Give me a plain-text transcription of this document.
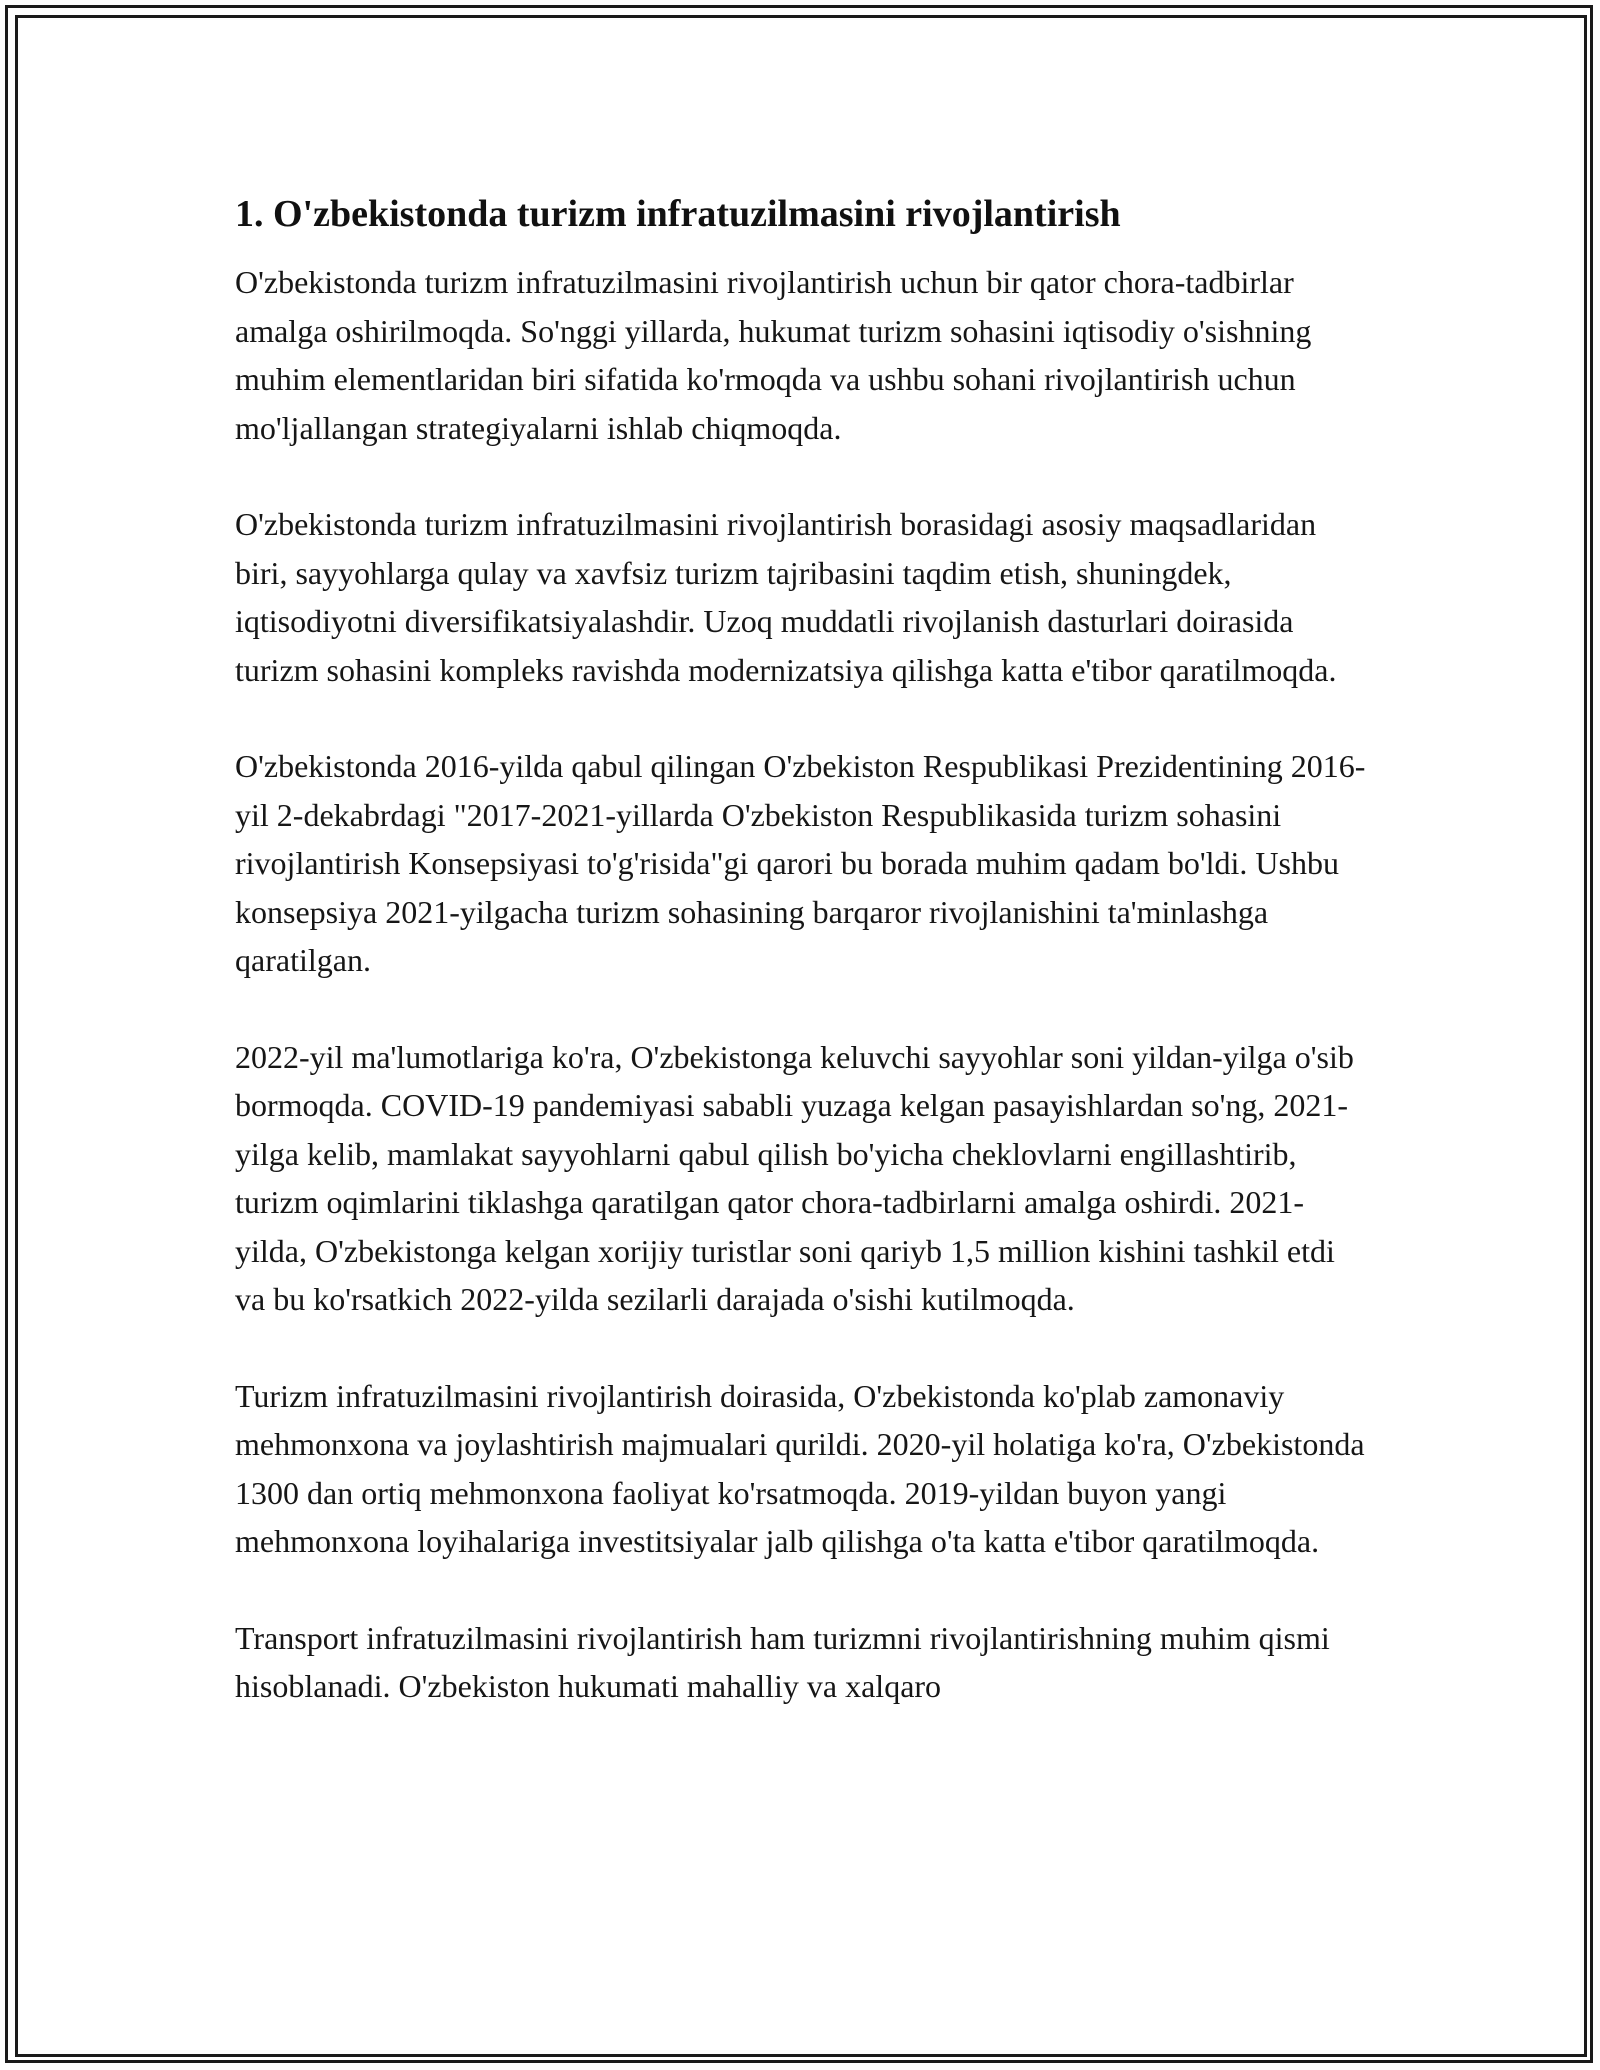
1. O'zbekistonda turizm infratuzilmasini rivojlantirish

O'zbekistonda turizm infratuzilmasini rivojlantirish uchun bir qator chora-tadbirlar amalga oshirilmoqda. So'nggi yillarda, hukumat turizm sohasini iqtisodiy o'sishning muhim elementlaridan biri sifatida ko'rmoqda va ushbu sohani rivojlantirish uchun mo'ljallangan strategiyalarni ishlab chiqmoqda.

O'zbekistonda turizm infratuzilmasini rivojlantirish borasidagi asosiy maqsadlaridan biri, sayyohlarga qulay va xavfsiz turizm tajribasini taqdim etish, shuningdek, iqtisodiyotni diversifikatsiyalashdir. Uzoq muddatli rivojlanish dasturlari doirasida turizm sohasini kompleks ravishda modernizatsiya qilishga katta e'tibor qaratilmoqda.

O'zbekistonda 2016-yilda qabul qilingan O'zbekiston Respublikasi Prezidentining 2016-yil 2-dekabrdagi "2017-2021-yillarda O'zbekiston Respublikasida turizm sohasini rivojlantirish Konsepsiyasi to'g'risida"gi qarori bu borada muhim qadam bo'ldi. Ushbu konsepsiya 2021-yilgacha turizm sohasining barqaror rivojlanishini ta'minlashga qaratilgan.

2022-yil ma'lumotlariga ko'ra, O'zbekistonga keluvchi sayyohlar soni yildan-yilga o'sib bormoqda. COVID-19 pandemiyasi sababli yuzaga kelgan pasayishlardan so'ng, 2021-yilga kelib, mamlakat sayyohlarni qabul qilish bo'yicha cheklovlarni engillashtirib, turizm oqimlarini tiklashga qaratilgan qator chora-tadbirlarni amalga oshirdi. 2021-yilda, O'zbekistonga kelgan xorijiy turistlar soni qariyb 1,5 million kishini tashkil etdi va bu ko'rsatkich 2022-yilda sezilarli darajada o'sishi kutilmoqda.

Turizm infratuzilmasini rivojlantirish doirasida, O'zbekistonda ko'plab zamonaviy mehmonxona va joylashtirish majmualari qurildi. 2020-yil holatiga ko'ra, O'zbekistonda 1300 dan ortiq mehmonxona faoliyat ko'rsatmoqda. 2019-yildan buyon yangi mehmonxona loyihalariga investitsiyalar jalb qilishga o'ta katta e'tibor qaratilmoqda.

Transport infratuzilmasini rivojlantirish ham turizmni rivojlantirishning muhim qismi hisoblanadi. O'zbekiston hukumati mahalliy va xalqaro
